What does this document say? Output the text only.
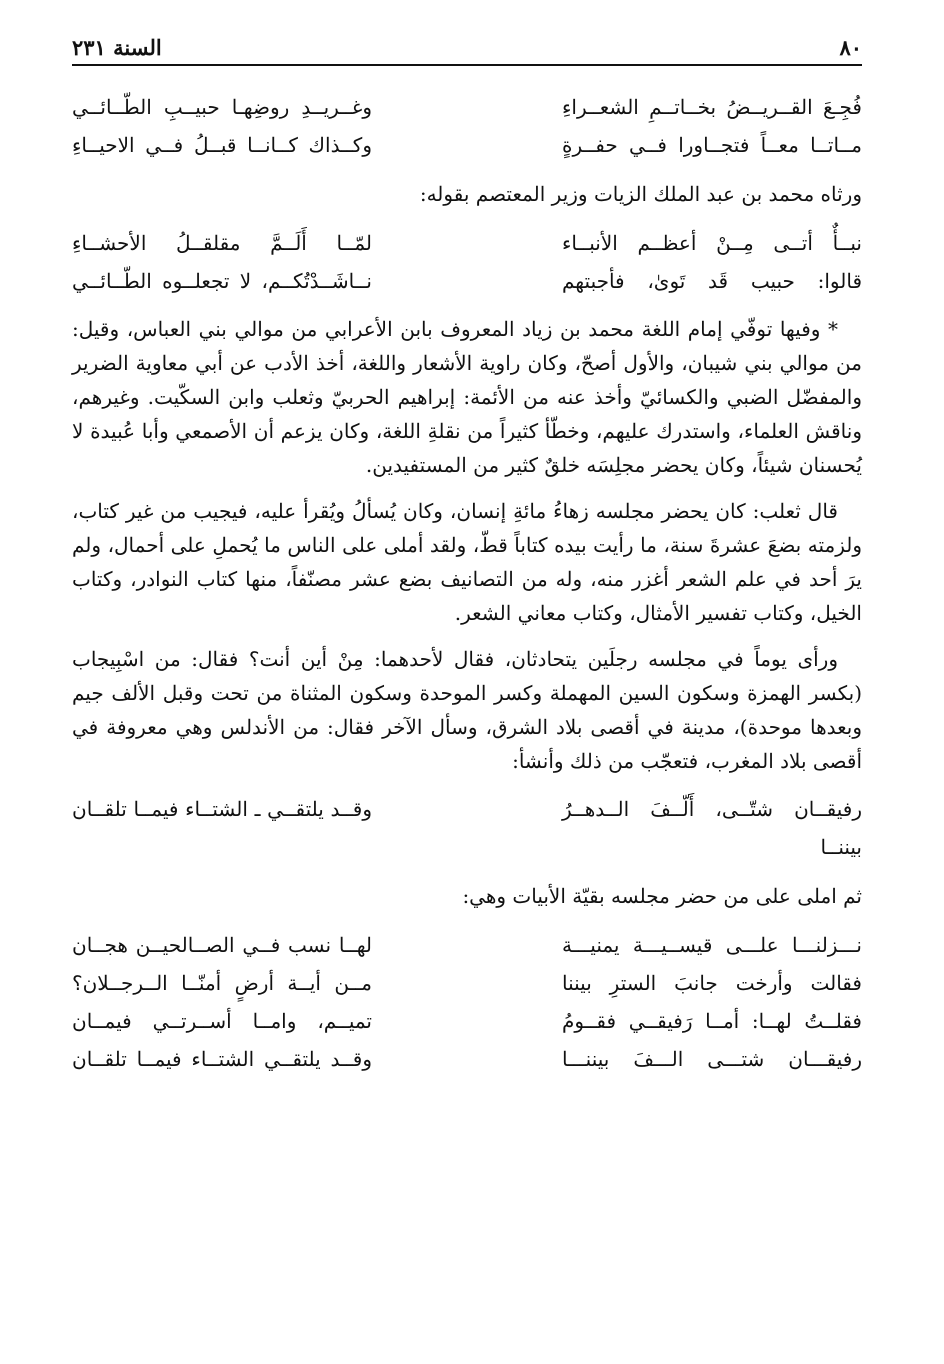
السنة ٢٣١	٨٠
فُجِـعَ القــريــضُ بخــاتــمِ الشعــراءِ
وغــريــدِ روضِهـا حبيــبِ الطّــائــي
مــاتــا معــاً فتجــاورا فــي حفــرةٍ
وكــذاك كــانــا قبــلُ فــي الاحيــاءِ

ورثاه محمد بن عبد الملك الزيات وزير المعتصم بقوله:

نبــأٌ أتــى مِــنْ أعظــم الأنبــاء
لمّــا أَلَــمَّ مقلقــلُ الأحشــاءِ
قالوا: حبيب قَد تَوىٰ، فأجبتهم
نــاشَــدْتُكــم، لا تجعلــوه الطّــائــي

* وفيها توفّي إمام اللغة محمد بن زياد المعروف بابن الأعرابي من موالي بني العباس، وقيل: من موالي بني شيبان، والأول أصحّ، وكان راوية الأشعار واللغة، أخذ الأدب عن أبي معاوية الضرير والمفضّل الضبي والكسائيّ وأخذ عنه من الأئمة: إبراهيم الحربيّ وثعلب وابن السكّيت. وغيرهم، وناقش العلماء، واستدرك عليهم، وخطّأ كثيراً من نقلةِ اللغة، وكان يزعم أن الأصمعي وأبا عُبيدة لا يُحسنان شيئاً، وكان يحضر مجلِسَه خلقٌ كثير من المستفيدين.

قال ثعلب: كان يحضر مجلسه زهاءُ مائةِ إنسان، وكان يُسألُ ويُقرأ عليه، فيجيب من غير كتاب، ولزمته بضعَ عشرةَ سنة، ما رأيت بيده كتاباً قطّ، ولقد أملى على الناس ما يُحملِ على أحمال، ولم يرَ أحد في علم الشعر أغزر منه، وله من التصانيف بضع عشر مصنّفاً، منها كتاب النوادر، وكتاب الخيل، وكتاب تفسير الأمثال، وكتاب معاني الشعر.

ورأى يوماً في مجلسه رجلَين يتحادثان، فقال لأحدهما: مِنْ أين أنت؟ فقال: من اسْبِيجاب (بكسر الهمزة وسكون السين المهملة وكسر الموحدة وسكون المثناة من تحت وقبل الألف جيم وبعدها موحدة)، مدينة في أقصى بلاد الشرق، وسأل الآخر فقال: من الأندلس وهي معروفة في أقصى بلاد المغرب، فتعجّب من ذلك وأنشأ:

رفيقــان شتّــى، أَلّــفَ الــدهــرُ بيننــا
وقــد يلتقــي ـ الشتــاء فيمــا تلقــان

ثم املى على من حضر مجلسه بقيّة الأبيات وهي:

نـــزلنـــا علـــى قيســيـــة يمنيـــة
لهــا نسب فــي الصــالحيــن هجــان
فقالت وأرخت جانبَ السترِ بيننا
مــن أيــة أرضٍ أمنّــا الــرجــلان؟
فقلــتُ لهــا: أمــا رَفيقــي فقــومُ
تميــم، وامــا أســرتــي فيمــان
رفيقـــان شتـــى الـــفَ بيننـــا
وقــد يلتقــي الشتــاء فيمــا تلقــان
